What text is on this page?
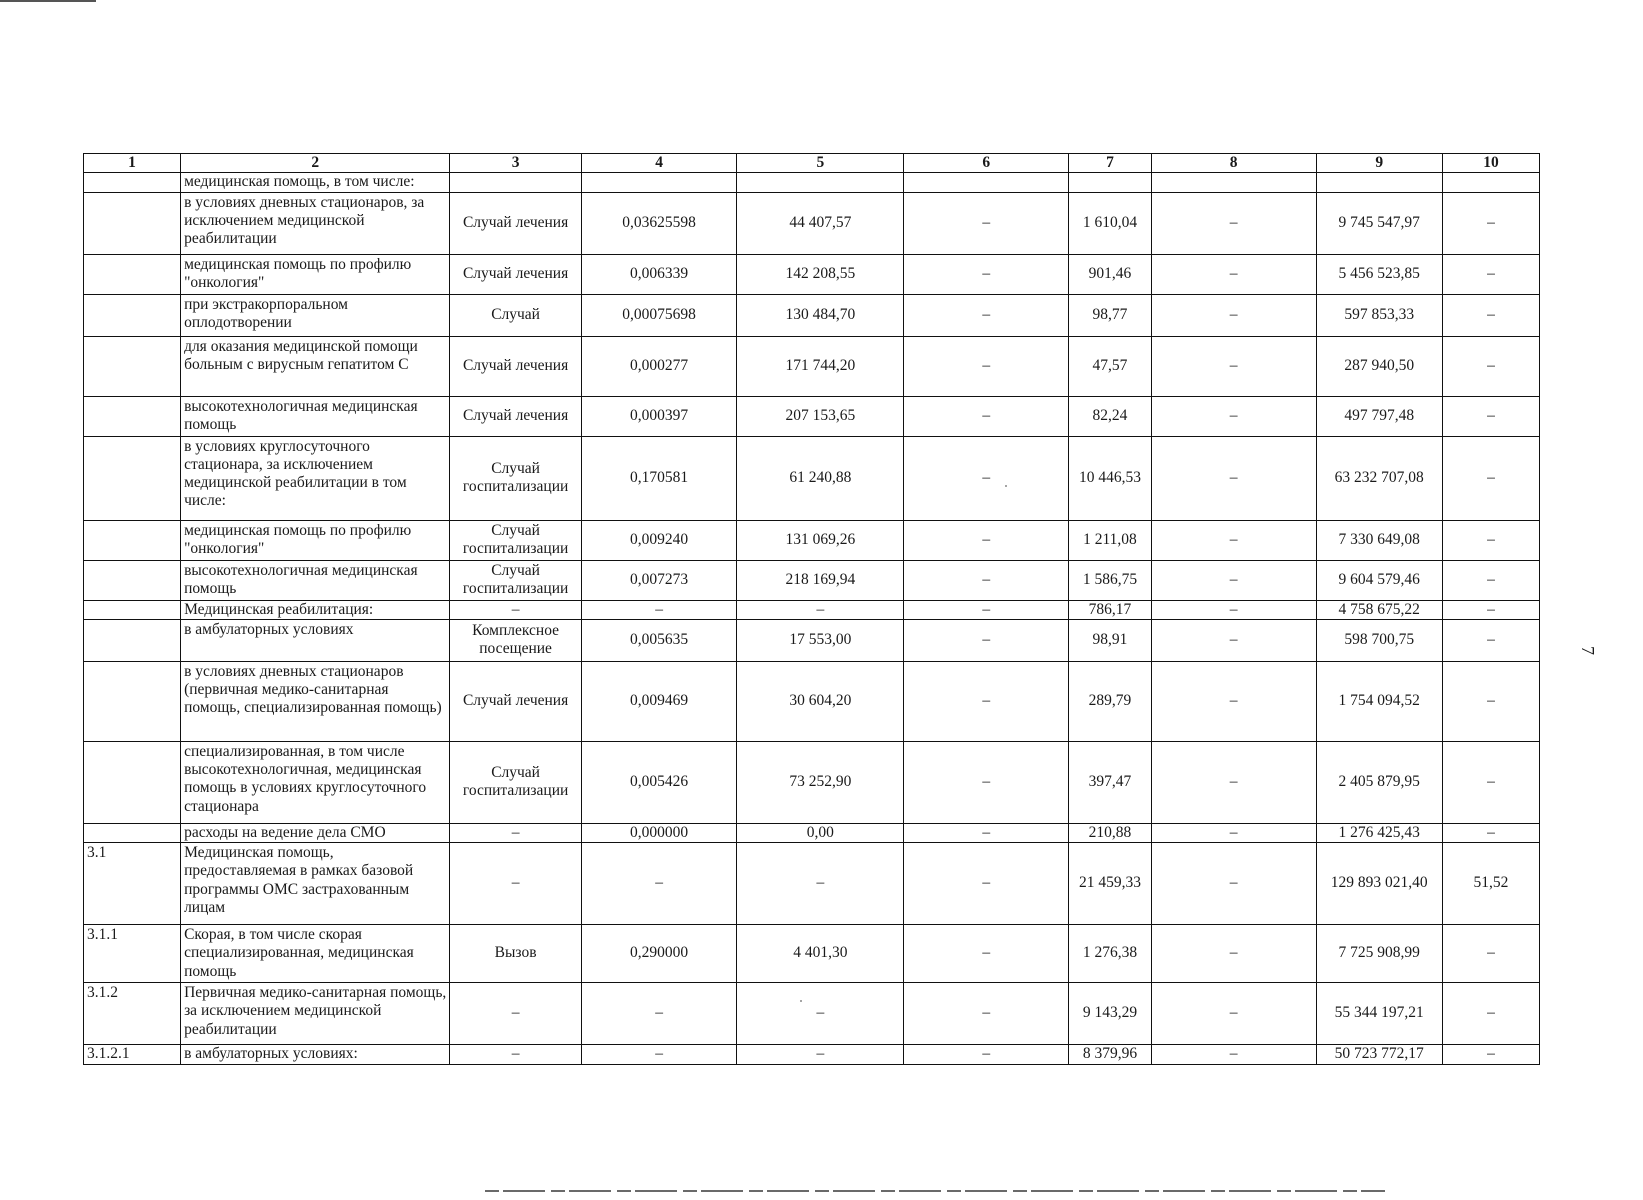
1	2	3	4	5	6	7	8	9	10
	медицинская помощь, в том числе:								
	в условиях дневных стационаров, за исключением медицинской реабилитации	Случай лечения	0,03625598	44 407,57	–	1 610,04	–	9 745 547,97	–
	медицинская помощь по профилю "онкология"	Случай лечения	0,006339	142 208,55	–	901,46	–	5 456 523,85	–
	при экстракорпоральном оплодотворении	Случай	0,00075698	130 484,70	–	98,77	–	597 853,33	–
	для оказания медицинской помощи больным с вирусным гепатитом С	Случай лечения	0,000277	171 744,20	–	47,57	–	287 940,50	–
	высокотехнологичная медицинская помощь	Случай лечения	0,000397	207 153,65	–	82,24	–	497 797,48	–
	в условиях круглосуточного стационара, за исключением медицинской реабилитации в том числе:	Случай госпитализации	0,170581	61 240,88	–	10 446,53	–	63 232 707,08	–
	медицинская помощь по профилю "онкология"	Случай госпитализации	0,009240	131 069,26	–	1 211,08	–	7 330 649,08	–
	высокотехнологичная медицинская помощь	Случай госпитализации	0,007273	218 169,94	–	1 586,75	–	9 604 579,46	–
	Медицинская реабилитация:	–	–	–	–	786,17	–	4 758 675,22	–
	в амбулаторных условиях	Комплексное посещение	0,005635	17 553,00	–	98,91	–	598 700,75	–
	в условиях дневных стационаров (первичная медико-санитарная помощь, специализированная помощь)	Случай лечения	0,009469	30 604,20	–	289,79	–	1 754 094,52	–
	специализированная, в том числе высокотехнологичная, медицинская помощь в условиях круглосуточного стационара	Случай госпитализации	0,005426	73 252,90	–	397,47	–	2 405 879,95	–
	расходы на ведение дела СМО	–	0,000000	0,00	–	210,88	–	1 276 425,43	–
3.1	Медицинская помощь, предоставляемая в рамках базовой программы ОМС застрахованным лицам	–	–	–	–	21 459,33	–	129 893 021,40	51,52
3.1.1	Скорая, в том числе скорая специализированная, медицинская помощь	Вызов	0,290000	4 401,30	–	1 276,38	–	7 725 908,99	–
3.1.2	Первичная медико-санитарная помощь, за исключением медицинской реабилитации	–	–	–	–	9 143,29	–	55 344 197,21	–
3.1.2.1	в амбулаторных условиях:	–	–	–	–	8 379,96	–	50 723 772,17	–
7
